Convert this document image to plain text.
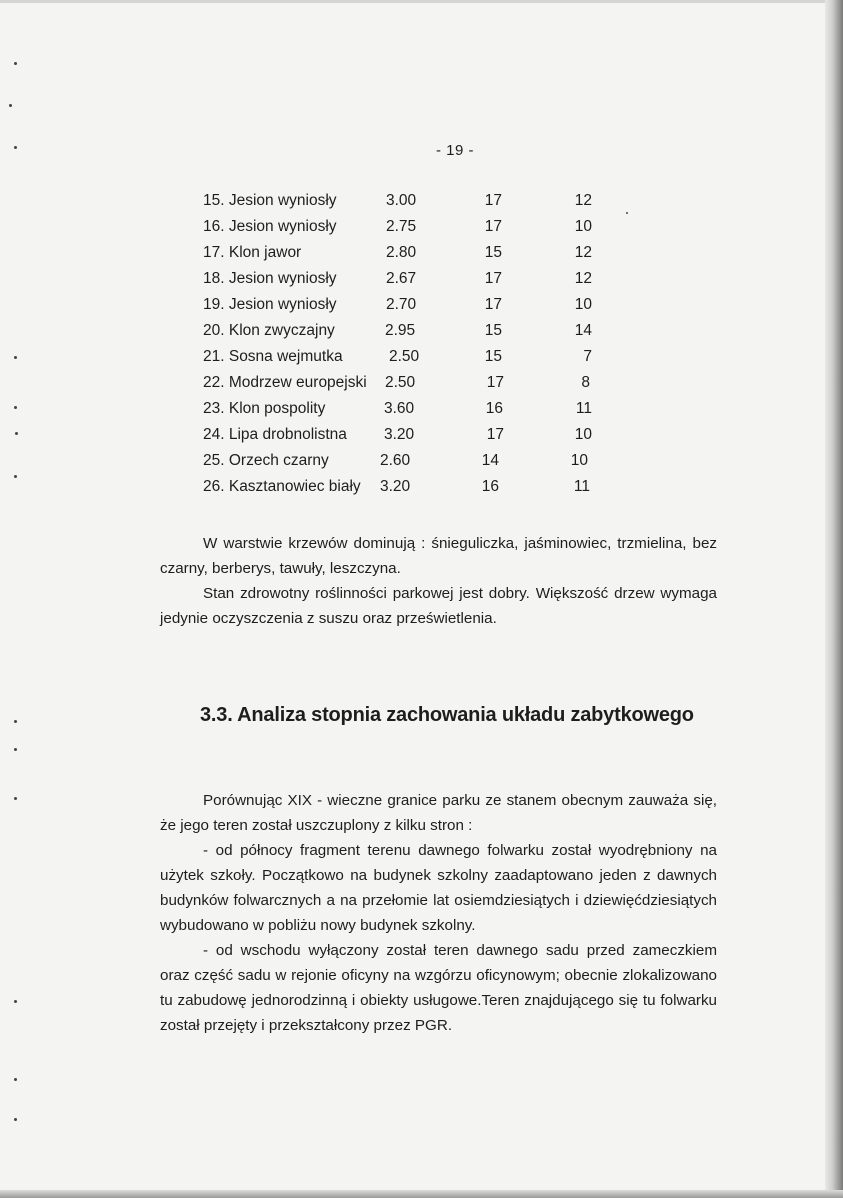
- 19 -
15. Jesion wyniosły	3.00	17	12
16. Jesion wyniosły	2.75	17	10
17. Klon jawor	2.80	15	12
18. Jesion wyniosły	2.67	17	12
19. Jesion wyniosły	2.70	17	10
20. Klon zwyczajny	2.95	15	14
21. Sosna wejmutka	2.50	15	7
22. Modrzew europejski 2.50	17	8
23. Klon pospolity	3.60	16	11
24. Lipa drobnolistna 3.20	17	10
25. Orzech czarny	2.60	14	10
26. Kasztanowiec biały 3.20	16	11

W warstwie krzewów dominują : śnieguliczka, jaśminowiec, trzmielina, bez czarny, berberys, tawuły, leszczyna.

Stan zdrowotny roślinności parkowej jest dobry. Większość drzew wymaga jedynie oczyszczenia z suszu oraz prześwietlenia.

3.3. Analiza stopnia zachowania układu zabytkowego

Porównując XIX - wieczne granice parku ze stanem obecnym zauważa się, że jego teren został uszczuplony z kilku stron :

- od północy fragment terenu dawnego folwarku został wyodrębniony na użytek szkoły. Początkowo na budynek szkolny zaadaptowano jeden z dawnych budynków folwarcznych a na przełomie lat osiemdziesiątych i dziewięćdziesiątych wybudowano w pobliżu nowy budynek szkolny.

- od wschodu wyłączony został teren dawnego sadu przed zameczkiem oraz część sadu w rejonie oficyny na wzgórzu oficynowym; obecnie zlokalizowano tu zabudowę jednorodzinną i obiekty usługowe.Teren znajdującego się tu folwarku został przejęty i przekształcony przez PGR.
